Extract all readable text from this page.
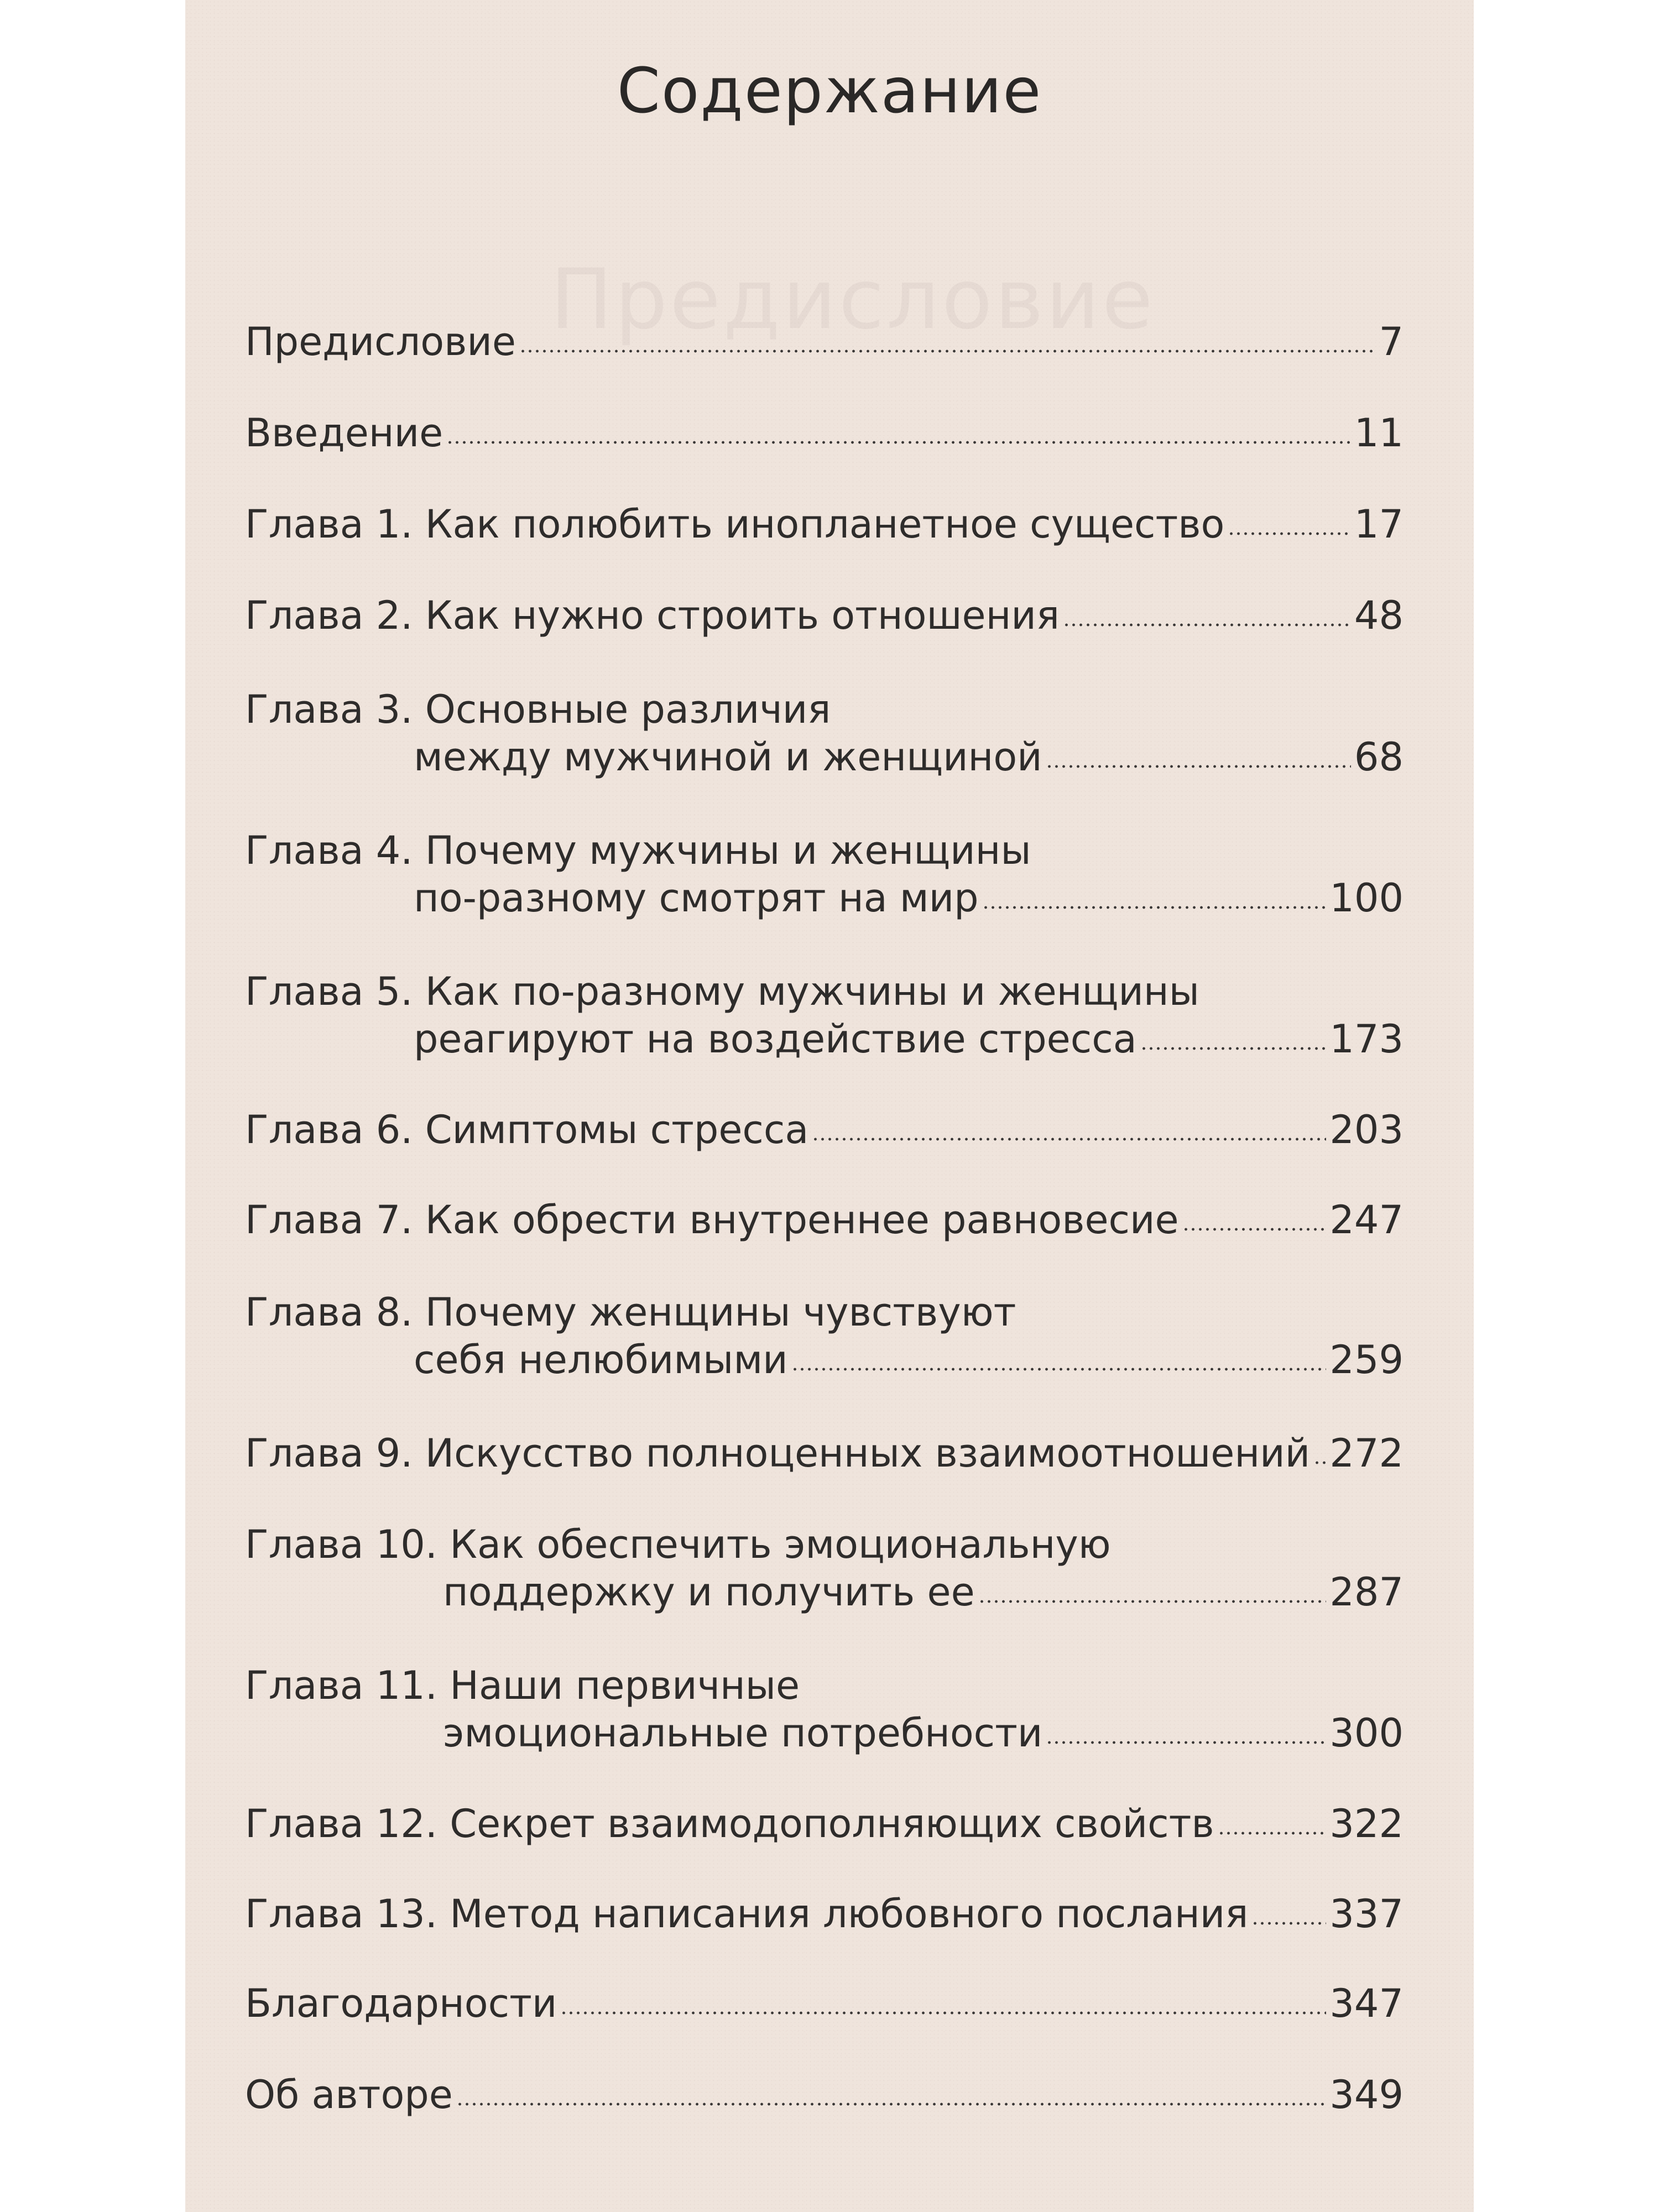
Предисловие
Содержание
Предисловие	7
Введение	11
Глава 1. Как полюбить инопланетное существо	17
Глава 2. Как нужно строить отношения	48
Глава 3. Основные различия
между мужчиной и женщиной	68
Глава 4. Почему мужчины и женщины
по-разному смотрят на мир	100
Глава 5. Как по-разному мужчины и женщины
реагируют на воздействие стресса	173
Глава 6. Симптомы стресса	203
Глава 7. Как обрести внутреннее равновесие	247
Глава 8. Почему женщины чувствуют
себя нелюбимыми	259
Глава 9. Искусство полноценных взаимоотношений 272
Глава 10. Как обеспечить эмоциональную
поддержку и получить ее	287
Глава 11. Наши первичные
эмоциональные потребности	300
Глава 12. Секрет взаимодополняющих свойств	322
Глава 13. Метод написания любовного послания 337
Благодарности	347
Об авторе	349
